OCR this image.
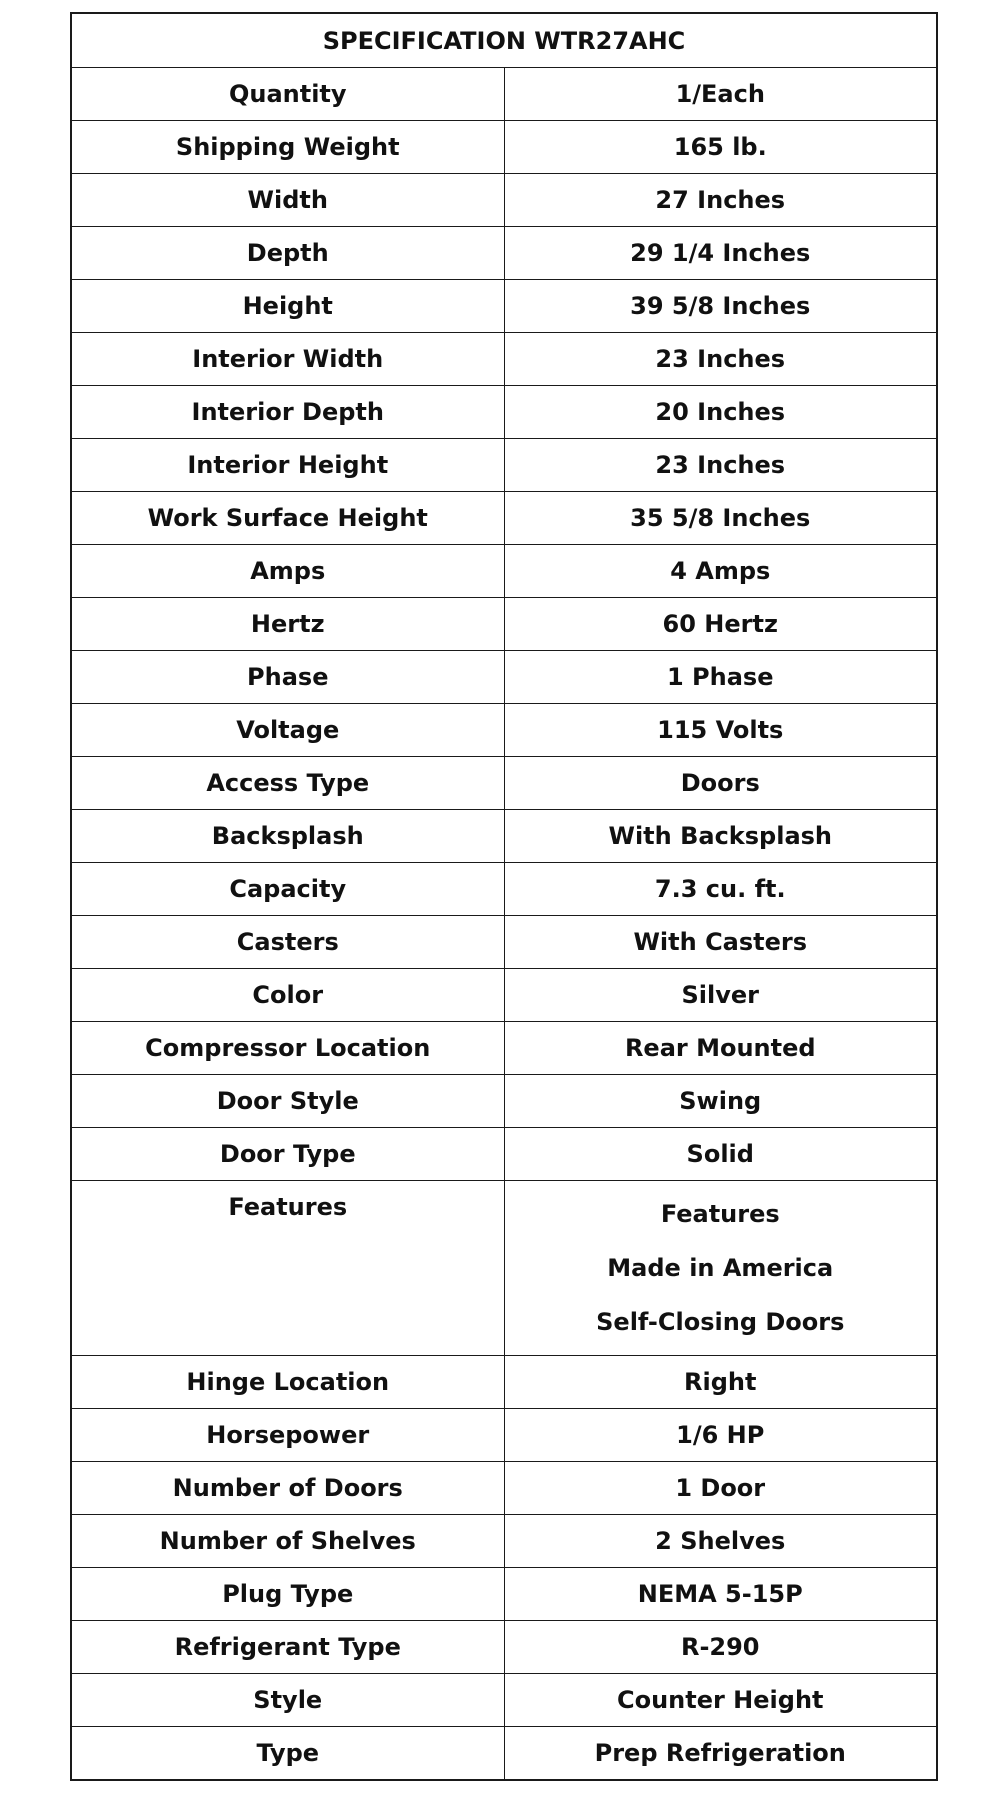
SPECIFICATION WTR27AHC	
Quantity	1/Each
Shipping Weight	165 lb.
Width	27 Inches
Depth	29 1/4 Inches
Height	39 5/8 Inches
Interior Width	23 Inches
Interior Depth	20 Inches
Interior Height	23 Inches
Work Surface Height	35 5/8 Inches
Amps	4 Amps
Hertz	60 Hertz
Phase	1 Phase
Voltage	115 Volts
Access Type	Doors
Backsplash	With Backsplash
Capacity	7.3 cu. ft.
Casters	With Casters
Color	Silver
Compressor Location	Rear Mounted
Door Style	Swing
Door Type	Solid
Features	Features
Made in America
Self-Closing Doors

Hinge Location	Right
Horsepower	1/6 HP
Number of Doors	1 Door
Number of Shelves	2 Shelves
Plug Type	NEMA 5-15P
Refrigerant Type	R-290
Style	Counter Height
Type	Prep Refrigeration
